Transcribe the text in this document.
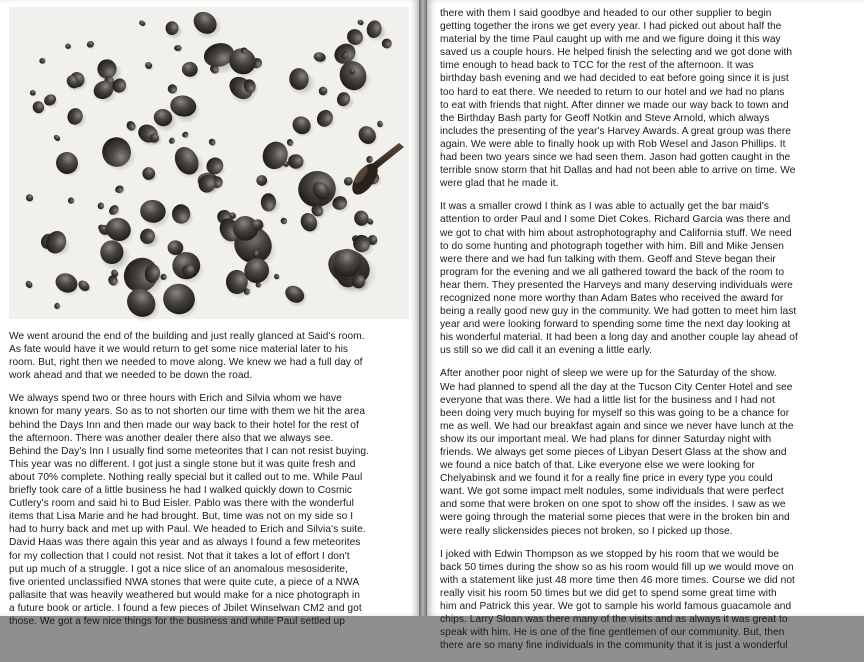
We went around the end of the building and just really glanced at Said's room.
As fate would have it we would return to get some nice material later to his
room. But, right then we needed to move along. We knew we had a full day of
work ahead and that we needed to be down the road.

We always spend two or three hours with Erich and Silvia whom we have
known for many years. So as to not shorten our time with them we hit the area
behind the Days Inn and then made our way back to their hotel for the rest of
the afternoon. There was another dealer there also that we always see.
Behind the Day's Inn I usually find some meteorites that I can not resist buying.
This year was no different. I got just a single stone but it was quite fresh and
about 70% complete. Nothing really special but it called out to me. While Paul
briefly took care of a little business he had I walked quickly down to Cosmic
Cutlery's room and said hi to Bud Eisler. Pablo was there with the wonderful
items that Lisa Marie and he had brought. But, time was not on my side so I
had to hurry back and met up with Paul. We headed to Erich and Silvia's suite.
David Haas was there again this year and as always I found a few meteorites
for my collection that I could not resist. Not that it takes a lot of effort I don't
put up much of a struggle. I got a nice slice of an anomalous mesosiderite,
five oriented unclassified NWA stones that were quite cute, a piece of a NWA
pallasite that was heavily weathered but would make for a nice photograph in
a future book or article. I found a few pieces of Jbilet Winselwan CM2 and got
those. We got a few nice things for the business and while Paul settled up

there with them I said goodbye and headed to our other supplier to begin
getting together the irons we get every year. I had picked out about half the
material by the time Paul caught up with me and we figure doing it this way
saved us a couple hours. He helped finish the selecting and we got done with
time enough to head back to TCC for the rest of the afternoon. It was
birthday bash evening and we had decided to eat before going since it is just
too hard to eat there. We needed to return to our hotel and we had no plans
to eat with friends that night. After dinner we made our way back to town and
the Birthday Bash party for Geoff Notkin and Steve Arnold, which always
includes the presenting of the year's Harvey Awards. A great group was there
again. We were able to finally hook up with Rob Wesel and Jason Phillips. It
had been two years since we had seen them. Jason had gotten caught in the
terrible snow storm that hit Dallas and had not been able to arrive on time. We
were glad that he made it.

It was a smaller crowd I think as I was able to actually get the bar maid's
attention to order Paul and I some Diet Cokes. Richard Garcia was there and
we got to chat with him about astrophotography and California stuff. We need
to do some hunting and photograph together with him. Bill and Mike Jensen
were there and we had fun talking with them. Geoff and Steve began their
program for the evening and we all gathered toward the back of the room to
hear them. They presented the Harveys and many deserving individuals were
recognized none more worthy than Adam Bates who received the award for
being a really good new guy in the community. We had gotten to meet him last
year and were looking forward to spending some time the next day looking at
his wonderful material. It had been a long day and another couple lay ahead of
us still so we did call it an evening a little early.

After another poor night of sleep we were up for the Saturday of the show.
We had planned to spend all the day at the Tucson City Center Hotel and see
everyone that was there. We had a little list for the business and I had not
been doing very much buying for myself so this was going to be a chance for
me as well. We had our breakfast again and since we never have lunch at the
show its our important meal. We had plans for dinner Saturday night with
friends. We always get some pieces of Libyan Desert Glass at the show and
we found a nice batch of that. Like everyone else we were looking for
Chelyabinsk and we found it for a really fine price in every type you could
want. We got some impact melt nodules, some individuals that were perfect
and some that were broken on one spot to show off the insides. I saw as we
were going through the material some pieces that were in the broken bin and
were really slickensides pieces not broken, so I picked up those.

I joked with Edwin Thompson as we stopped by his room that we would be
back 50 times during the show so as his room would fill up we would move on
with a statement like just 48 more time then 46 more times. Course we did not
really visit his room 50 times but we did get to spend some great time with
him and Patrick this year. We got to sample his world famous guacamole and
chips. Larry Sloan was there many of the visits and as always it was great to
speak with him. He is one of the fine gentlemen of our community. But, then
there are so many fine individuals in the community that it is just a wonderful
